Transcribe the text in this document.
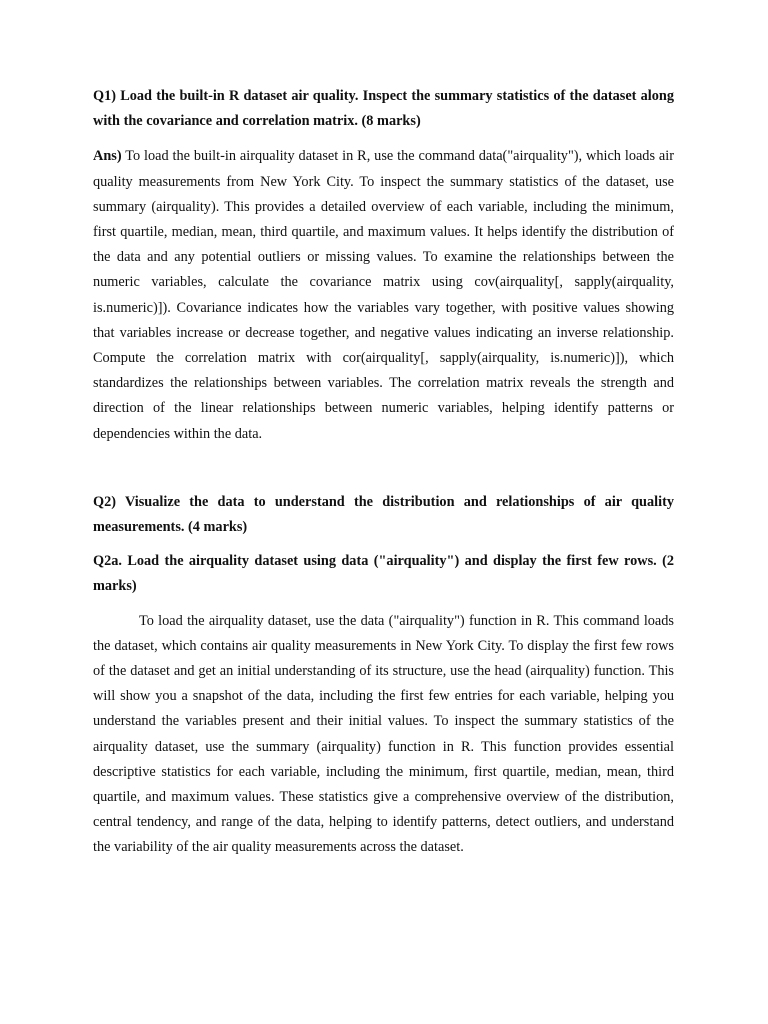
Q1) Load the built-in R dataset air quality. Inspect the summary statistics of the dataset along with the covariance and correlation matrix. (8 marks)

Ans) To load the built-in airquality dataset in R, use the command data("airquality"), which loads air quality measurements from New York City. To inspect the summary statistics of the dataset, use summary (airquality). This provides a detailed overview of each variable, including the minimum, first quartile, median, mean, third quartile, and maximum values. It helps identify the distribution of the data and any potential outliers or missing values. To examine the relationships between the numeric variables, calculate the covariance matrix using cov(airquality[, sapply(airquality, is.numeric)]). Covariance indicates how the variables vary together, with positive values showing that variables increase or decrease together, and negative values indicating an inverse relationship. Compute the correlation matrix with cor(airquality[, sapply(airquality, is.numeric)]), which standardizes the relationships between variables. The correlation matrix reveals the strength and direction of the linear relationships between numeric variables, helping identify patterns or dependencies within the data.

Q2) Visualize the data to understand the distribution and relationships of air quality measurements. (4 marks)

Q2a. Load the airquality dataset using data ("airquality") and display the first few rows. (2 marks)

To load the airquality dataset, use the data ("airquality") function in R. This command loads the dataset, which contains air quality measurements in New York City. To display the first few rows of the dataset and get an initial understanding of its structure, use the head (airquality) function. This will show you a snapshot of the data, including the first few entries for each variable, helping you understand the variables present and their initial values. To inspect the summary statistics of the airquality dataset, use the summary (airquality) function in R. This function provides essential descriptive statistics for each variable, including the minimum, first quartile, median, mean, third quartile, and maximum values. These statistics give a comprehensive overview of the distribution, central tendency, and range of the data, helping to identify patterns, detect outliers, and understand the variability of the air quality measurements across the dataset.
